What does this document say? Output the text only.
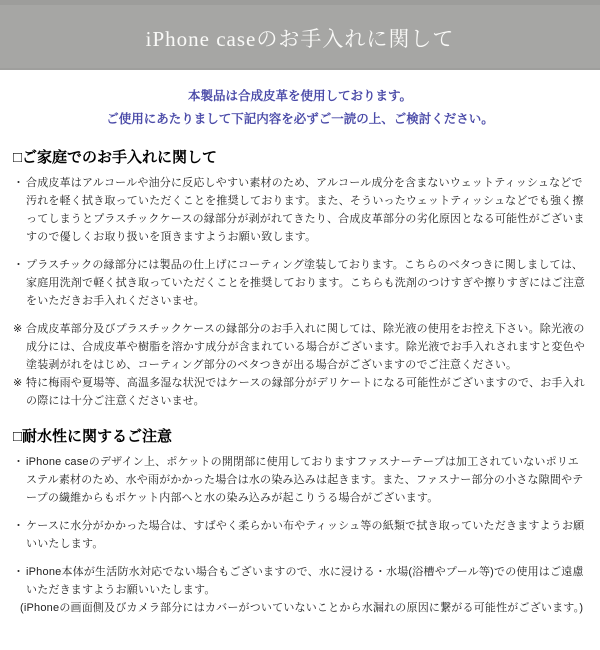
iPhone caseのお手入れに関して

本製品は合成皮革を使用しております。

ご使用にあたりまして下記内容を必ずご一読の上、ご検討ください。

□ご家庭でのお手入れに関して
・ 合成皮革はアルコールや油分に反応しやすい素材のため、アルコール成分を含まないウェットティッシュなどで汚れを軽く拭き取っていただくことを推奨しております。また、そういったウェットティッシュなどでも強く擦ってしまうとプラスチックケースの縁部分が剥がれてきたり、合成皮革部分の劣化原因となる可能性がございますので優しくお取り扱いを頂きますようお願い致します。
・ プラスチックの縁部分には製品の仕上げにコーティング塗装しております。こちらのベタつきに関しましては、家庭用洗剤で軽く拭き取っていただくことを推奨しております。こちらも洗剤のつけすぎや擦りすぎにはご注意をいただきお手入れくださいませ。
※ 合成皮革部分及びプラスチックケースの縁部分のお手入れに関しては、除光液の使用をお控え下さい。除光液の成分には、合成皮革や樹脂を溶かす成分が含まれている場合がございます。除光液でお手入れされますと変色や塗装剥がれをはじめ、コーティング部分のベタつきが出る場合がございますのでご注意ください。
※ 特に梅雨や夏場等、高温多湿な状況ではケースの縁部分がデリケートになる可能性がございますので、お手入れの際には十分ご注意くださいませ。
□耐水性に関するご注意
・ iPhone caseのデザイン上、ポケットの開閉部に使用しておりますファスナーテープは加工されていないポリエステル素材のため、水や雨がかかった場合は水の染み込みは起きます。また、ファスナー部分の小さな隙間やテープの繊維からもポケット内部へと水の染み込みが起こりうる場合がございます。
・ ケースに水分がかかった場合は、すばやく柔らかい布やティッシュ等の紙類で拭き取っていただきますようお願いいたします。
・ iPhone本体が生活防水対応でない場合もございますので、水に浸ける・水場(浴槽やプール等)での使用はご遠慮いただきますようお願いいたします。
(iPhoneの画面側及びカメラ部分にはカバーがついていないことから水漏れの原因に繋がる可能性がございます。)
